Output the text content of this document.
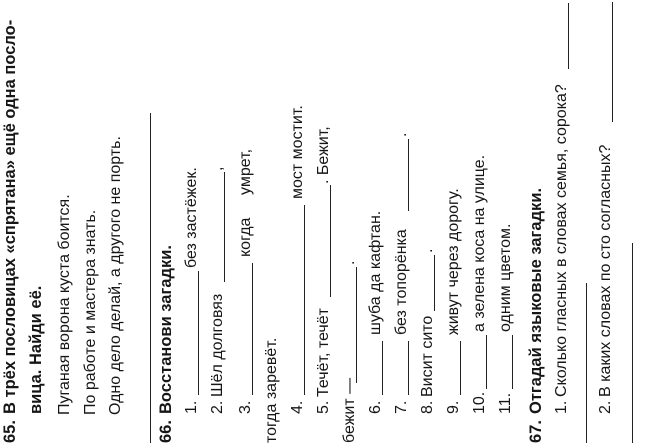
65.
В трёх пословицах «спрятана» ещё одна посло- вица. Найди её. Пуганая ворона куста боится. По работе и мастера знать. Одно дело делай, а другого не порть.
66.
Восстанови загадки. 1.
без застёжек.
2.
Шёл долговяз
,
3.
когда
умрет,
тогда заревёт. 4.
мост мостит.
5.
Течёт, течёт
. Бежит,
бежит —
.
6.
шуба да кафтан.
7.
без топорёнка
.
8.
Висит сито
.
9.
живут через дорогу.
10.
а зелена коса на улице.
11.
одним цветом.
67.
Отгадай языковые загадки. 1.
Сколько гласных в словах семья, сорока?
2.
В каких словах по сто согласных?
